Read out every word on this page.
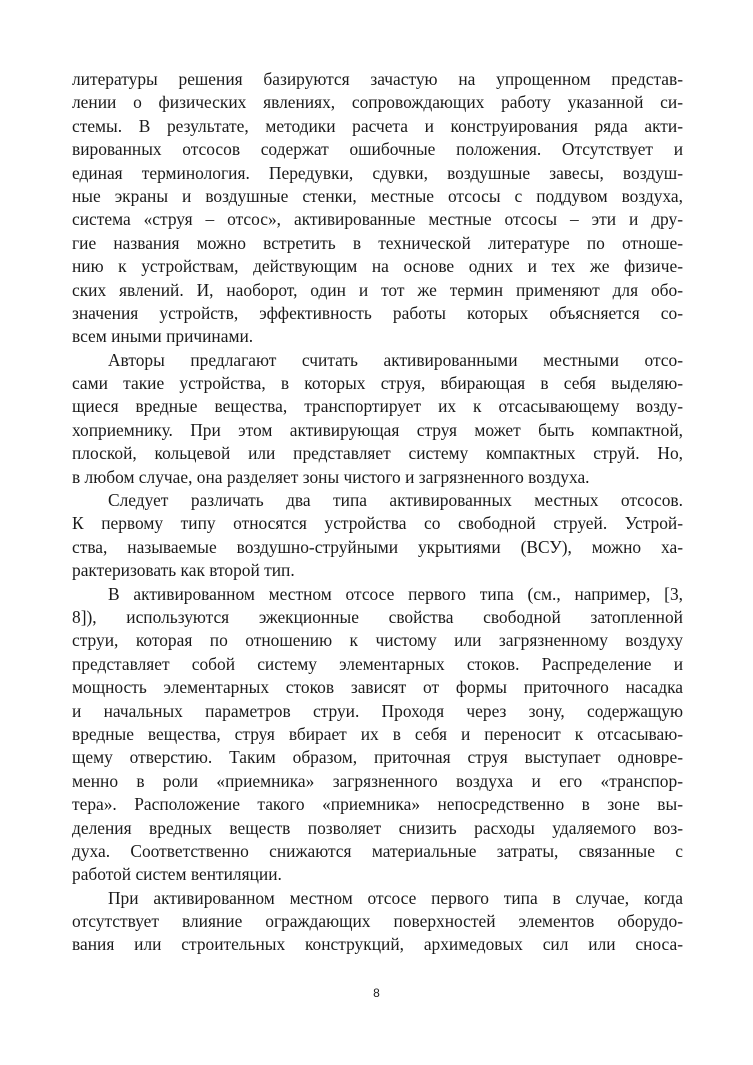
литературы решения базируются зачастую на упрощенном представ-
лении о физических явлениях, сопровождающих работу указанной си-
стемы. В результате, методики расчета и конструирования ряда акти-
вированных отсосов содержат ошибочные положения. Отсутствует и
единая терминология. Передувки, сдувки, воздушные завесы, воздуш-
ные экраны и воздушные стенки, местные отсосы с поддувом воздуха,
система «струя – отсос», активированные местные отсосы – эти и дру-
гие названия можно встретить в технической литературе по отноше-
нию к устройствам, действующим на основе одних и тех же физиче-
ских явлений. И, наоборот, один и тот же термин применяют для обо-
значения устройств, эффективность работы которых объясняется со-
всем иными причинами.
Авторы предлагают считать активированными местными отсо-
сами такие устройства, в которых струя, вбирающая в себя выделяю-
щиеся вредные вещества, транспортирует их к отсасывающему возду-
хоприемнику. При этом активирующая струя может быть компактной,
плоской, кольцевой или представляет систему компактных струй. Но,
в любом случае, она разделяет зоны чистого и загрязненного воздуха.
Следует различать два типа активированных местных отсосов.
К первому типу относятся устройства со свободной струей. Устрой-
ства, называемые воздушно-струйными укрытиями (ВСУ), можно ха-
рактеризовать как второй тип.
В активированном местном отсосе первого типа (см., например, [3,
8]), используются эжекционные свойства свободной затопленной
струи, которая по отношению к чистому или загрязненному воздуху
представляет собой систему элементарных стоков. Распределение и
мощность элементарных стоков зависят от формы приточного насадка
и начальных параметров струи. Проходя через зону, содержащую
вредные вещества, струя вбирает их в себя и переносит к отсасываю-
щему отверстию. Таким образом, приточная струя выступает одновре-
менно в роли «приемника» загрязненного воздуха и его «транспор-
тера». Расположение такого «приемника» непосредственно в зоне вы-
деления вредных веществ позволяет снизить расходы удаляемого воз-
духа. Соответственно снижаются материальные затраты, связанные с
работой систем вентиляции.
При активированном местном отсосе первого типа в случае, когда
отсутствует влияние ограждающих поверхностей элементов оборудо-
вания или строительных конструкций, архимедовых сил или сноса-
8
